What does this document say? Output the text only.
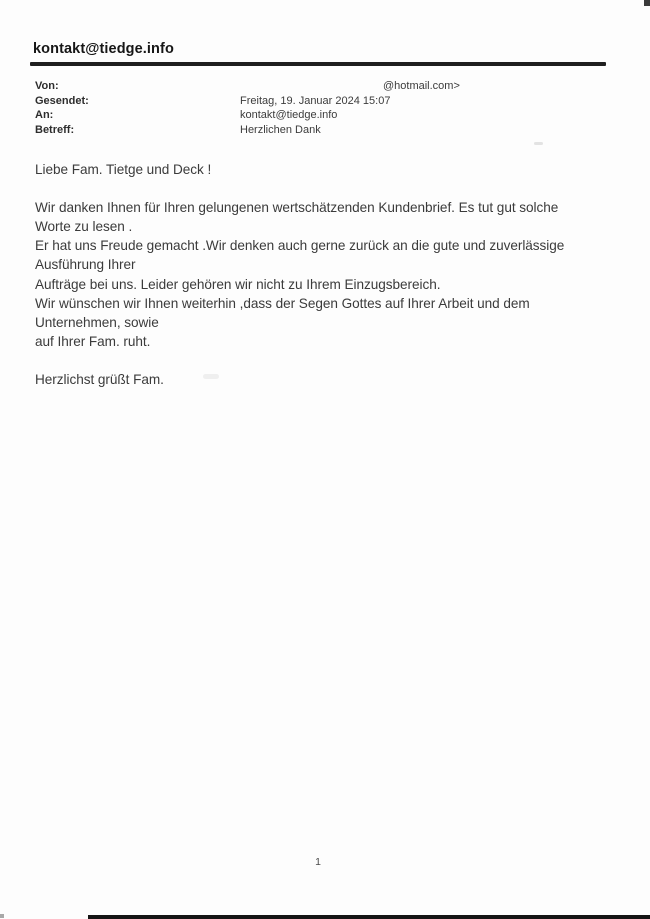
kontakt@tiedge.info
Von:	@hotmail.com>
Gesendet:	Freitag, 19. Januar 2024 15:07
An:	kontakt@tiedge.info
Betreff:	Herzlichen Dank
Liebe Fam. Tietge und Deck !
Wir danken Ihnen für Ihren gelungenen wertschätzenden Kundenbrief. Es tut gut solche
Worte zu lesen .
Er hat uns Freude gemacht .Wir denken auch gerne zurück an die gute und zuverlässige
Ausführung Ihrer
Aufträge bei uns. Leider gehören wir nicht zu Ihrem Einzugsbereich.
Wir wünschen wir Ihnen weiterhin ,dass der Segen Gottes auf Ihrer Arbeit und dem
Unternehmen, sowie
auf Ihrer Fam. ruht.
Herzlichst grüßt Fam.
1
